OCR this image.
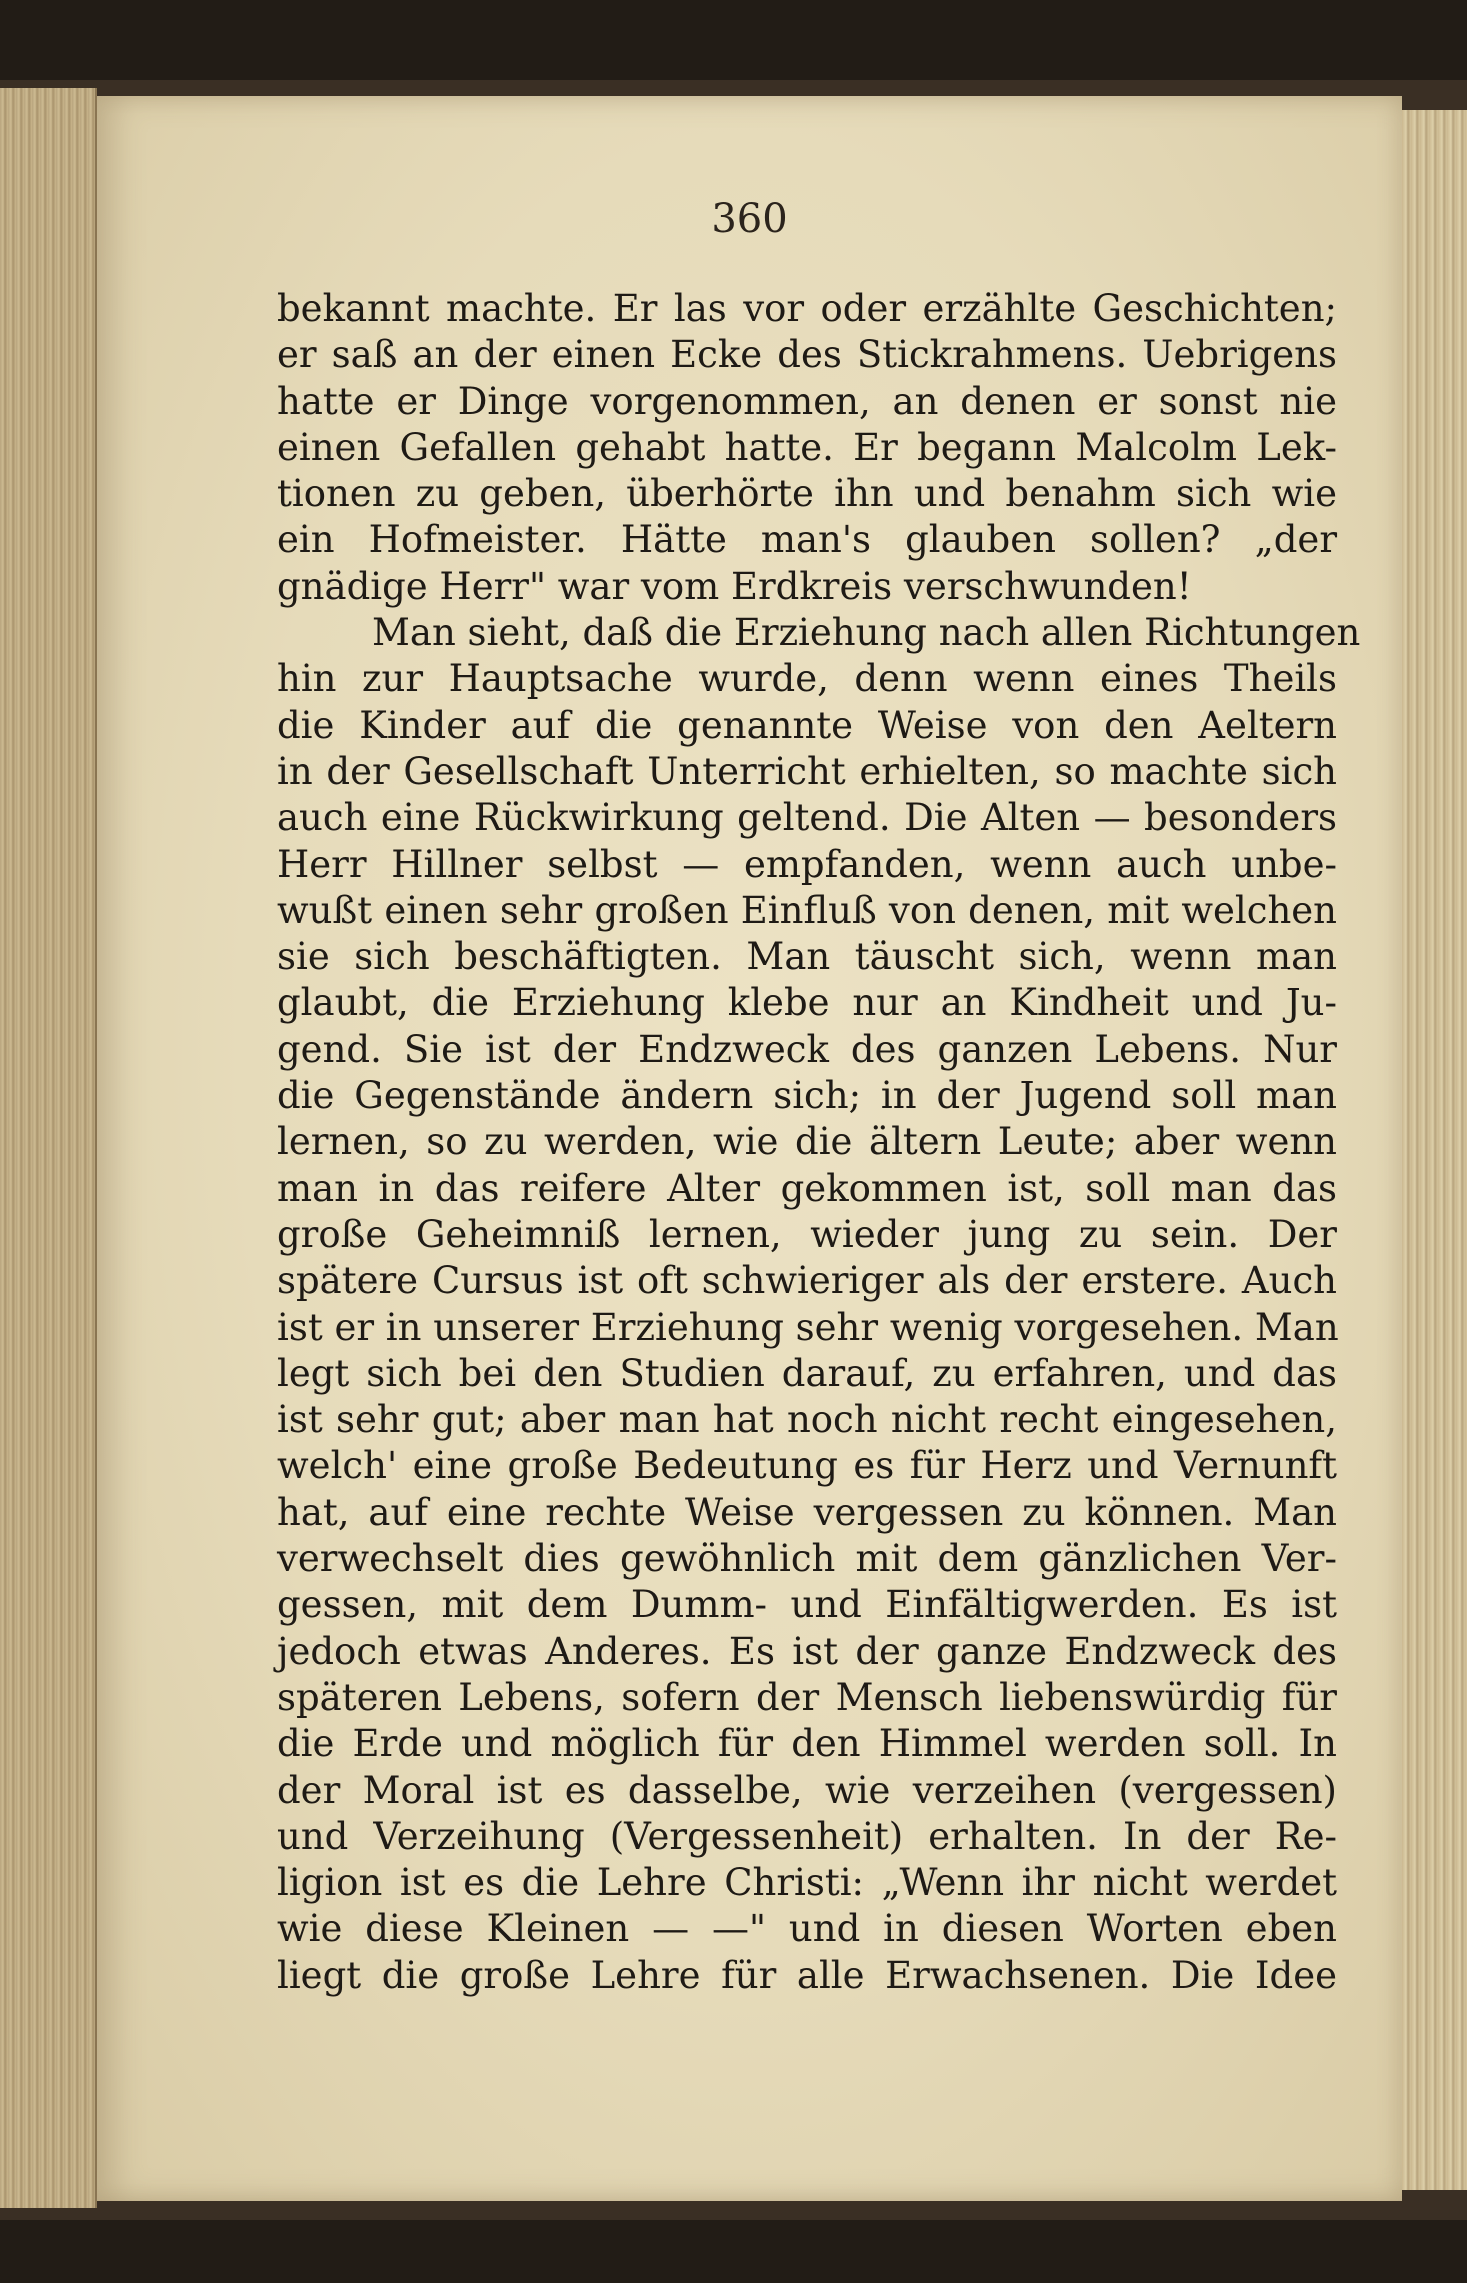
360
bekannt machte. Er las vor oder erzählte Geschichten;
er saß an der einen Ecke des Stickrahmens. Uebrigens
hatte er Dinge vorgenommen, an denen er sonst nie
einen Gefallen gehabt hatte. Er begann Malcolm Lek-
tionen zu geben, überhörte ihn und benahm sich wie
ein Hofmeister. Hätte man's glauben sollen? „der
gnädige Herr" war vom Erdkreis verschwunden!
Man sieht, daß die Erziehung nach allen Richtungen
hin zur Hauptsache wurde, denn wenn eines Theils
die Kinder auf die genannte Weise von den Aeltern
in der Gesellschaft Unterricht erhielten, so machte sich
auch eine Rückwirkung geltend. Die Alten — besonders
Herr Hillner selbst — empfanden, wenn auch unbe-
wußt einen sehr großen Einfluß von denen, mit welchen
sie sich beschäftigten. Man täuscht sich, wenn man
glaubt, die Erziehung klebe nur an Kindheit und Ju-
gend. Sie ist der Endzweck des ganzen Lebens. Nur
die Gegenstände ändern sich; in der Jugend soll man
lernen, so zu werden, wie die ältern Leute; aber wenn
man in das reifere Alter gekommen ist, soll man das
große Geheimniß lernen, wieder jung zu sein. Der
spätere Cursus ist oft schwieriger als der erstere. Auch
ist er in unserer Erziehung sehr wenig vorgesehen. Man
legt sich bei den Studien darauf, zu erfahren, und das
ist sehr gut; aber man hat noch nicht recht eingesehen,
welch' eine große Bedeutung es für Herz und Vernunft
hat, auf eine rechte Weise vergessen zu können. Man
verwechselt dies gewöhnlich mit dem gänzlichen Ver-
gessen, mit dem Dumm- und Einfältigwerden. Es ist
jedoch etwas Anderes. Es ist der ganze Endzweck des
späteren Lebens, sofern der Mensch liebenswürdig für
die Erde und möglich für den Himmel werden soll. In
der Moral ist es dasselbe, wie verzeihen (vergessen)
und Verzeihung (Vergessenheit) erhalten. In der Re-
ligion ist es die Lehre Christi: „Wenn ihr nicht werdet
wie diese Kleinen — —" und in diesen Worten eben
liegt die große Lehre für alle Erwachsenen. Die Idee
